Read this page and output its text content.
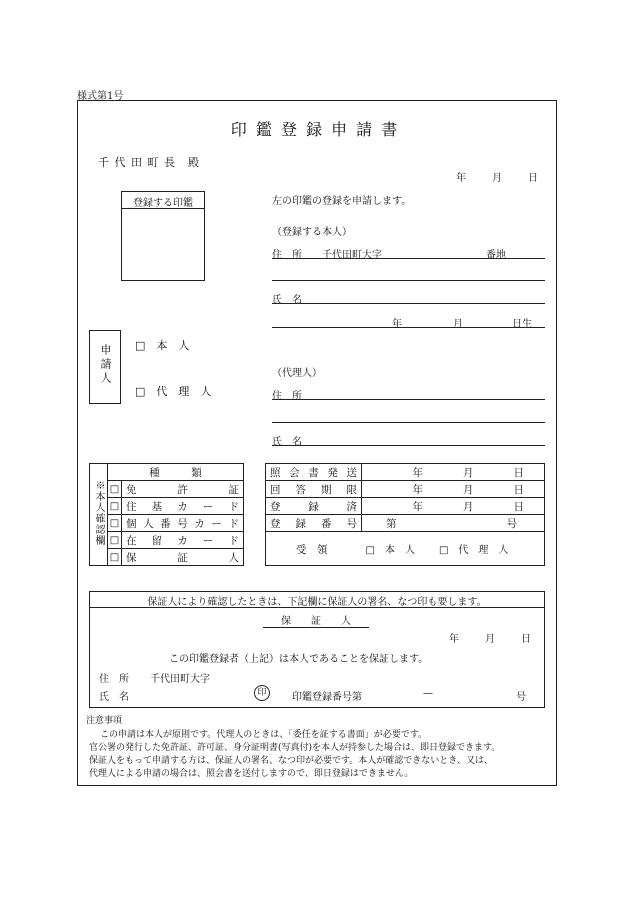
様式第1号
印 鑑 登 録 申 請 書
千 代 田 町 長　殿
年	月	日
登録する印鑑	左の印鑑の登録を申請します。
（登録する本人）
住　所 千代田町大字	番地
氏　名
年	月	日生
申請人 □　本　人
□　代　理　人
（代理人）
住　所
氏　名
※本人確認欄	種　　　類	
	□	免　　許　　証

	□	住 基 カ ー ド

	□	個人番号カード

	□	在 留 カ ー ド

	□	保　　証　　人
照会書発送	年 月 日

回答期限	年 月 日

登　録　済	年 月 日

登　録　番　号	第 号
受　領 □　本　人 □　代　理　人	
保証人により確認したときは、下記欄に保証人の署名、なつ印も要します。
保　　証　　人
年	月	日
この印鑑登録者（上記）は本人であることを保証します。
住　所 千代田町大字
氏　名	印	印鑑登録番号第	—	号
注意事項
この申請は本人が原則です。代理人のときは、「委任を証する書面」が必要です。
官公署の発行した免許証、許可証、身分証明書(写真付)を本人が持参した場合は、即日登録できます。
保証人をもって申請する方は、保証人の署名、なつ印が必要です。本人が確認できないとき、又は、
代理人による申請の場合は、照会書を送付しますので、即日登録はできません。
